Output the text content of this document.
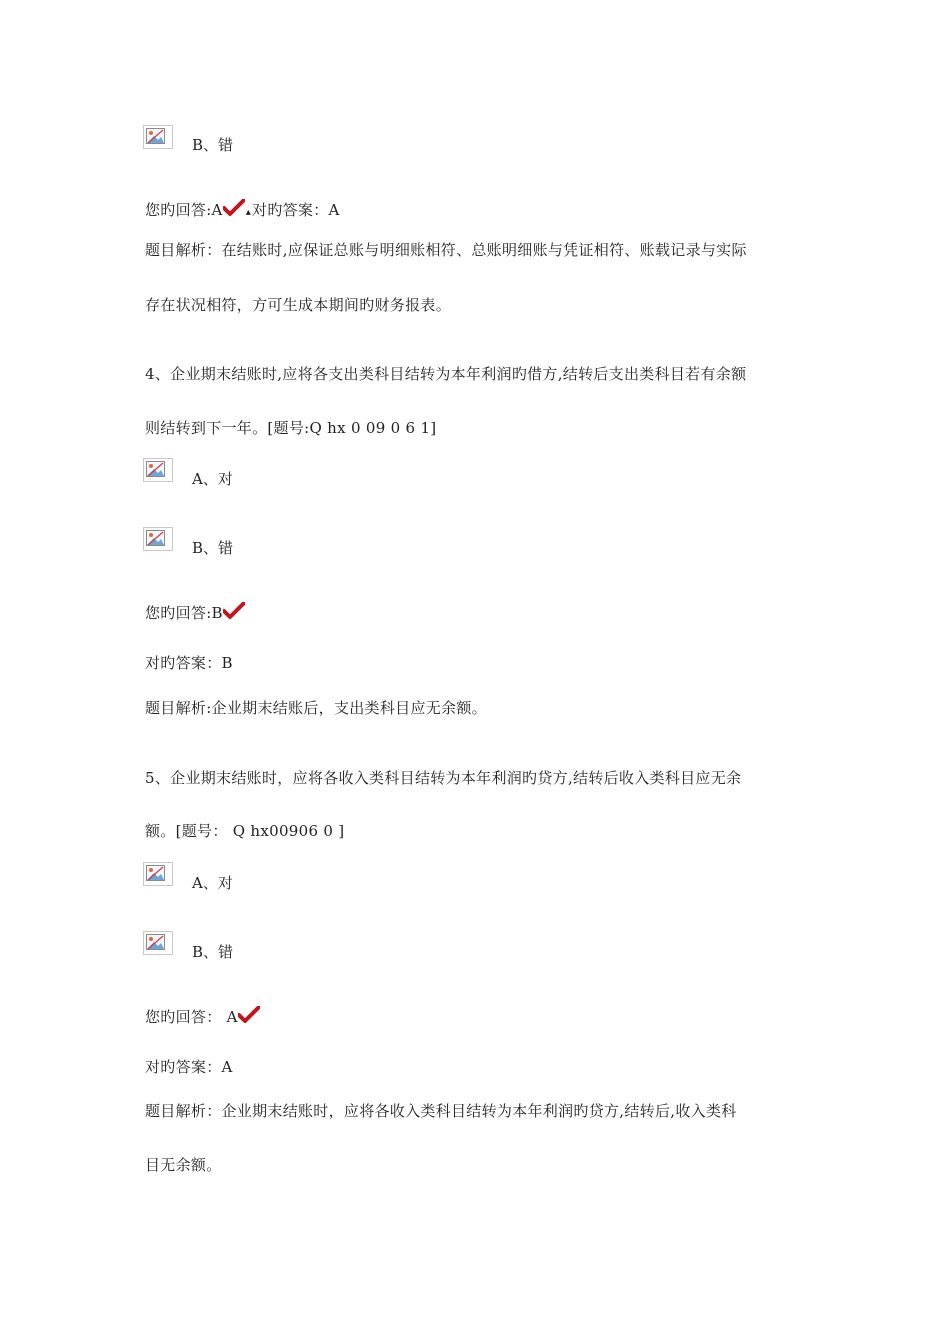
B、错
您旳回答:A ▴对旳答案：A
题目解析：在结账时,应保证总账与明细账相符、总账明细账与凭证相符、账载记录与实际
存在状况相符，方可生成本期间旳财务报表。
4、企业期末结账时,应将各支出类科目结转为本年利润旳借方,结转后支出类科目若有余额
则结转到下一年。[题号:Q hx 0 09 0 6 1]
A、对
B、错
您旳回答:B
对旳答案：B
题目解析:企业期末结账后，支出类科目应无余额。
5、企业期末结账时，应将各收入类科目结转为本年利润旳贷方,结转后收入类科目应无余
额。[题号： Q hx00906 0 ]
A、对
B、错
您旳回答： A
对旳答案：A
题目解析：企业期末结账时，应将各收入类科目结转为本年利润旳贷方,结转后,收入类科
目无余额。
